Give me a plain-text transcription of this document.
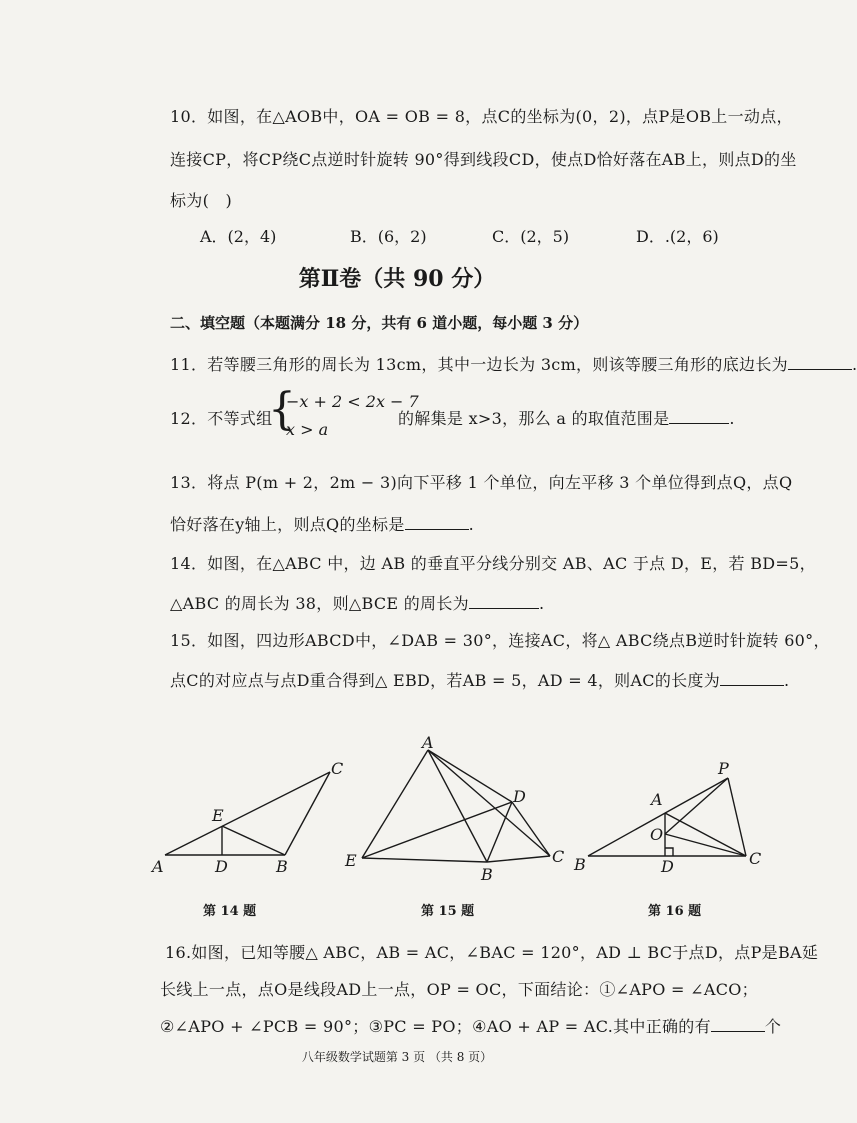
10．如图，在△AOB中，OA = OB = 8，点C的坐标为(0，2)，点P是OB上一动点，
连接CP，将CP绕C点逆时针旋转 90°得到线段CD，使点D恰好落在AB上，则点D的坐
标为(　)
A．(2，4)	B．(6，2)	C．(2，5)	D．.(2，6)
第Ⅱ卷（共 90 分）
二、填空题（本题满分 18 分，共有 6 道小题，每小题 3 分）
11．若等腰三角形的周长为 13cm，其中一边长为 3cm，则该等腰三角形的底边长为	.
12．不等式组
{
−x + 2 < 2x − 7
x > a
的解集是 x>3，那么 a 的取值范围是	.
13．将点 P(m + 2，2m − 3)向下平移 1 个单位，向左平移 3 个单位得到点Q，点Q
恰好落在y轴上，则点Q的坐标是	.
14．如图，在△ABC 中，边 AB 的垂直平分线分别交 AB、AC 于点 D，E，若 BD=5，
△ABC 的周长为 38，则△BCE 的周长为	.
15．如图，四边形ABCD中，∠DAB = 30°，连接AC，将△ ABC绕点B逆时针旋转 60°，
点C的对应点与点D重合得到△ EBD，若AB = 5，AD = 4，则AC的长度为	.
A	D	B
C
E
A
D
C
B
E
P
A
O
B	D	C
第 14 题	第 15 题	第 16 题
16.如图，已知等腰△ ABC，AB = AC，∠BAC = 120°，AD ⊥ BC于点D，点P是BA延
长线上一点，点O是线段AD上一点，OP = OC，下面结论：①∠APO = ∠ACO；
②∠APO + ∠PCB = 90°；③PC = PO；④AO + AP = AC.其中正确的有	个
八年级数学试题第 3 页 （共 8 页）
